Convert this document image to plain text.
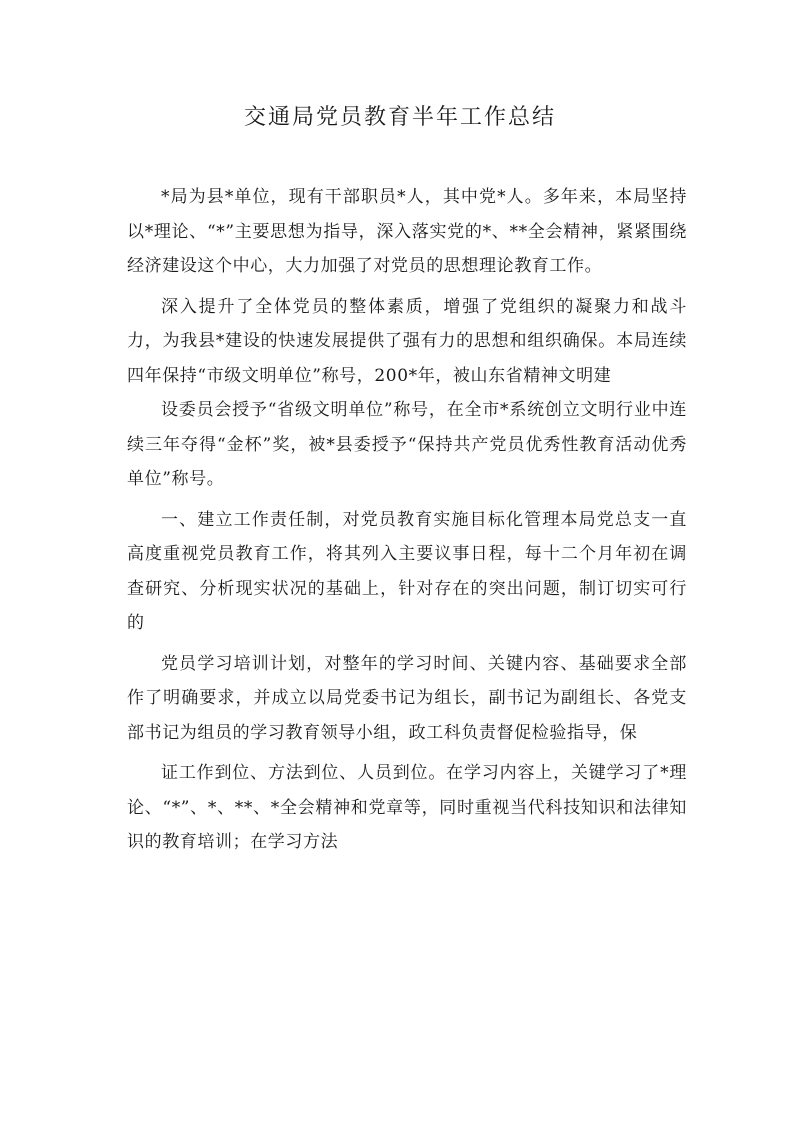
交通局党员教育半年工作总结

*局为县*单位，现有干部职员*人，其中党*人。多年来，本局坚持以*理论、“*”主要思想为指导，深入落实党的*、**全会精神，紧紧围绕经济建设这个中心，大力加强了对党员的思想理论教育工作。

深入提升了全体党员的整体素质，增强了党组织的凝聚力和战斗力，为我县*建设的快速发展提供了强有力的思想和组织确保。本局连续四年保持“市级文明单位”称号，200*年，被山东省精神文明建

设委员会授予“省级文明单位”称号，在全市*系统创立文明行业中连续三年夺得“金杯”奖，被*县委授予“保持共产党员优秀性教育活动优秀单位”称号。

一、建立工作责任制，对党员教育实施目标化管理本局党总支一直高度重视党员教育工作，将其列入主要议事日程，每十二个月年初在调查研究、分析现实状况的基础上，针对存在的突出问题，制订切实可行的

党员学习培训计划，对整年的学习时间、关键内容、基础要求全部作了明确要求，并成立以局党委书记为组长，副书记为副组长、各党支部书记为组员的学习教育领导小组，政工科负责督促检验指导，保

证工作到位、方法到位、人员到位。在学习内容上，关键学习了*理论、“*”、*、**、*全会精神和党章等，同时重视当代科技知识和法律知识的教育培训；在学习方法
